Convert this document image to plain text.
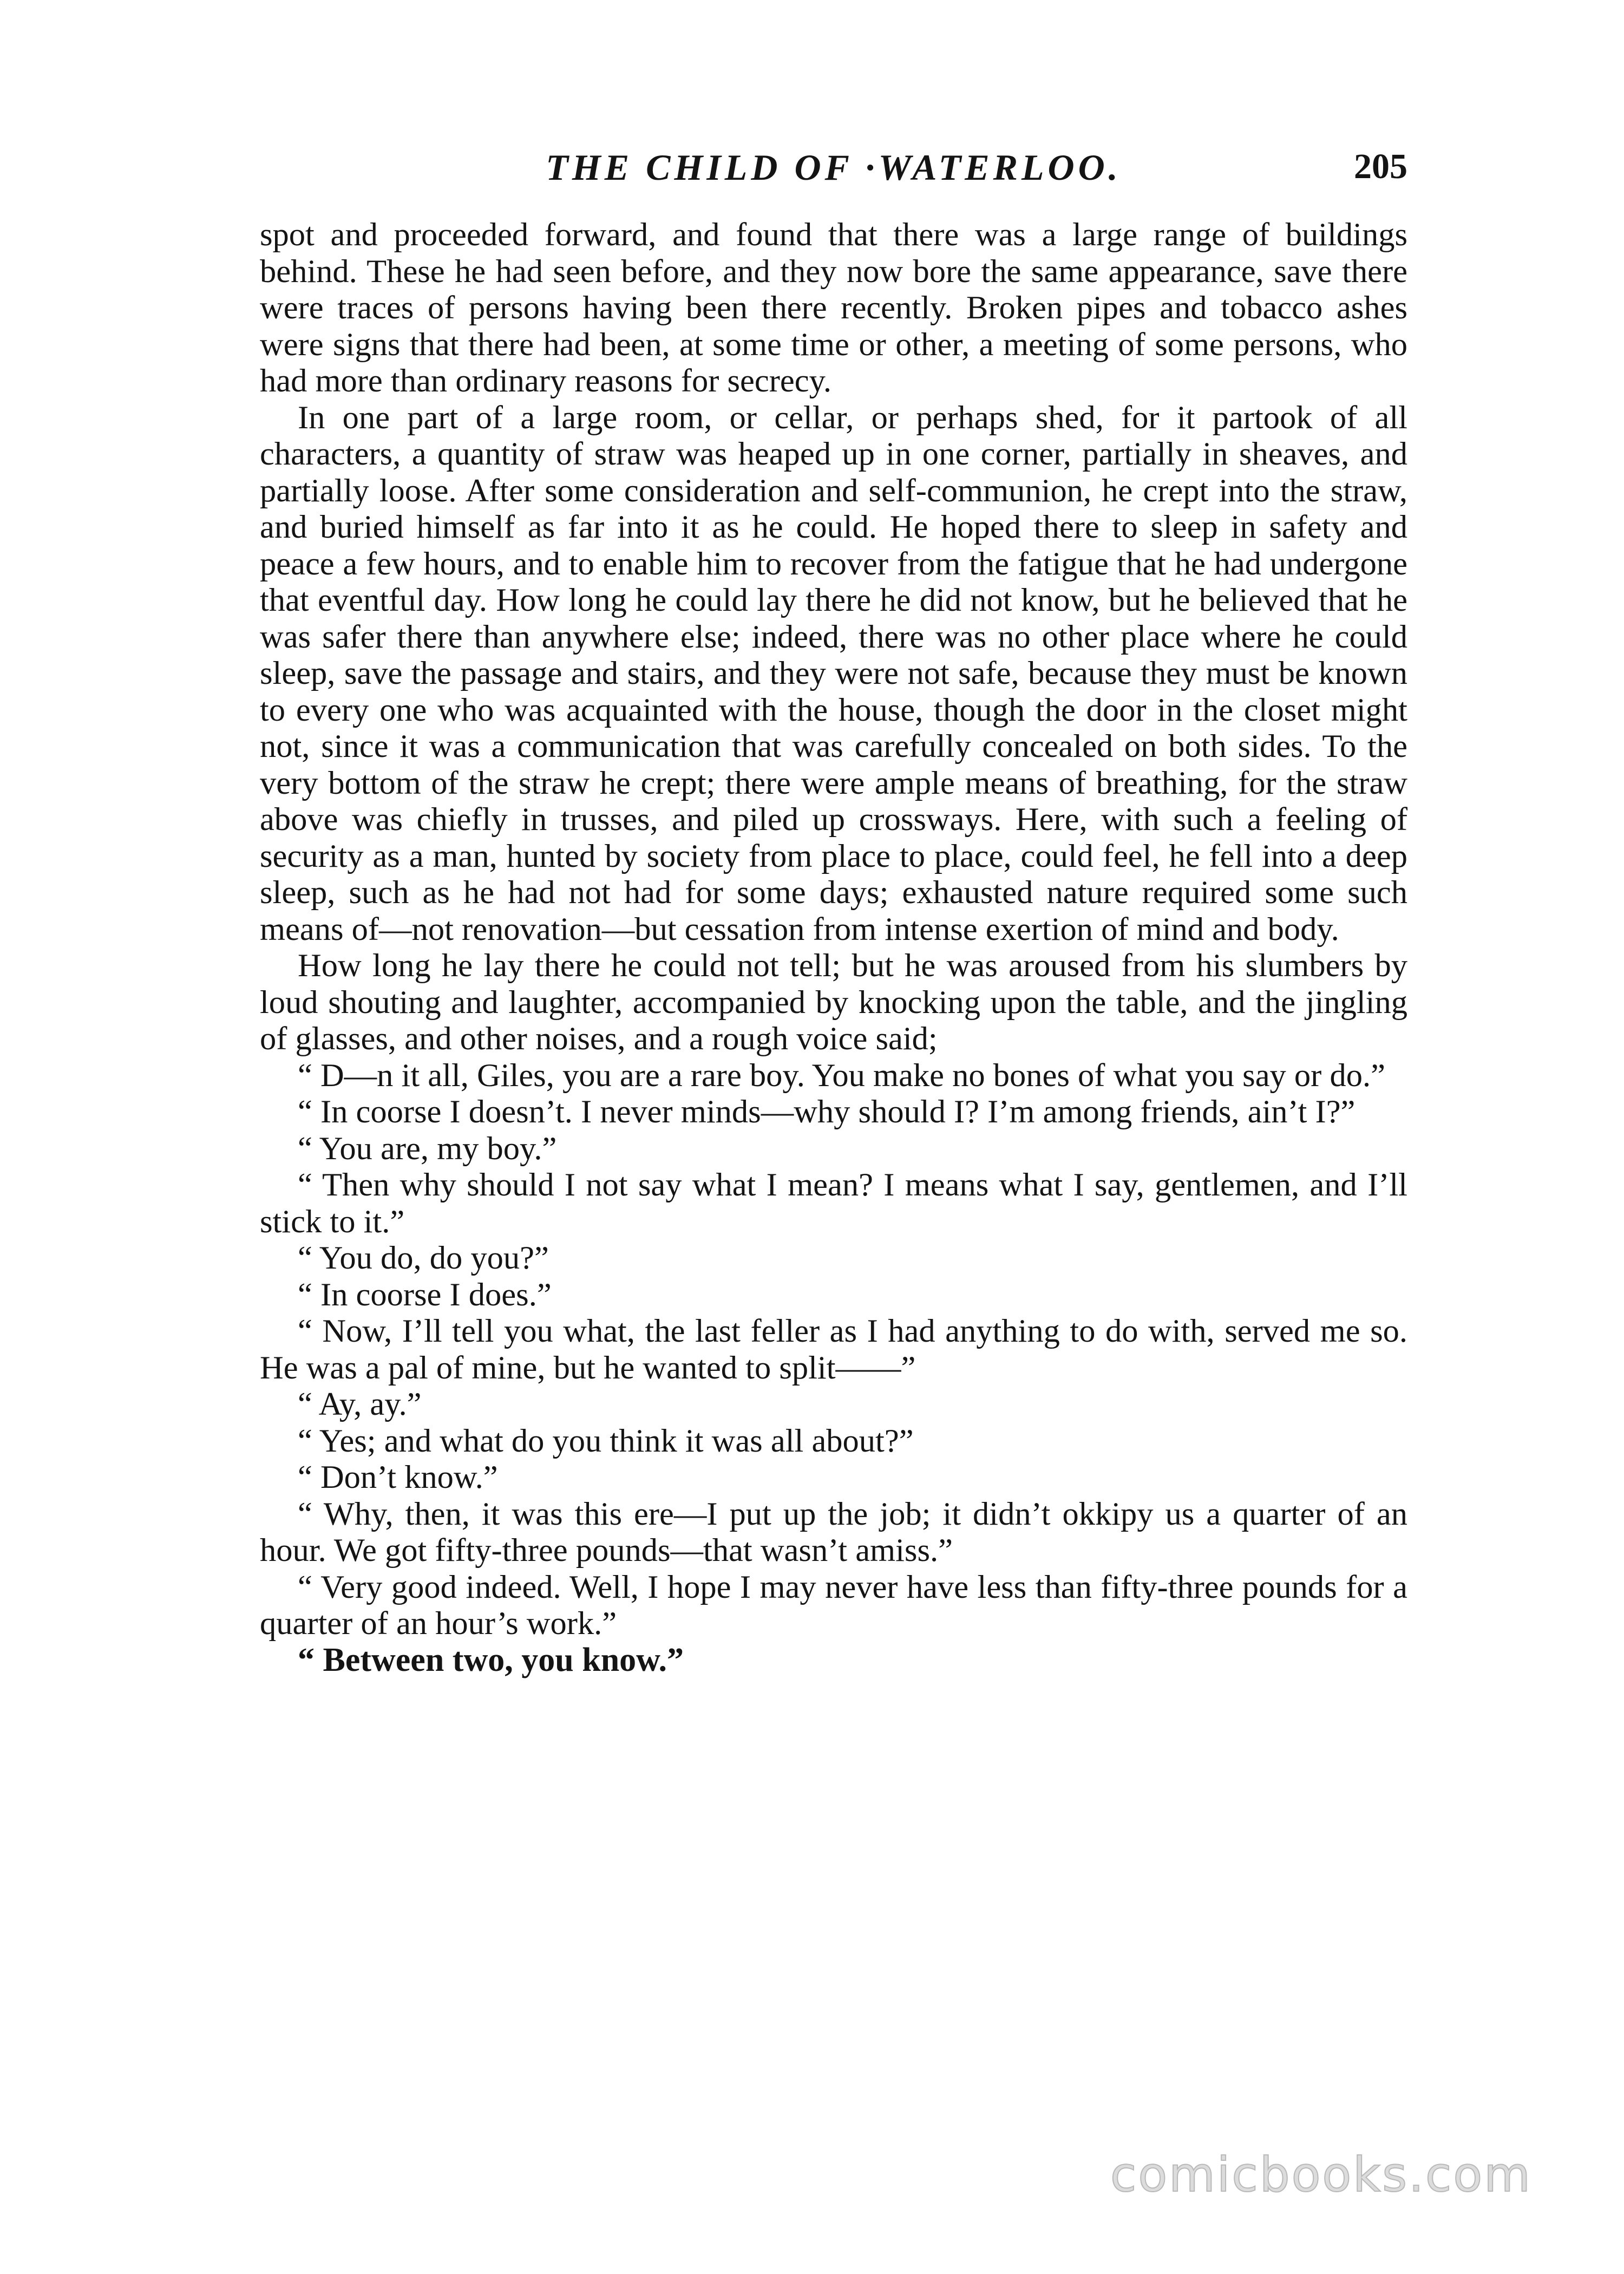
THE CHILD OF ·WATERLOO.	205

spot and proceeded forward, and found that there was a large range of buildings behind. These he had seen before, and they now bore the same appearance, save there were traces of persons having been there recently. Broken pipes and tobacco ashes were signs that there had been, at some time or other, a meeting of some persons, who had more than ordinary reasons for secrecy.

In one part of a large room, or cellar, or perhaps shed, for it partook of all characters, a quantity of straw was heaped up in one corner, partially in sheaves, and partially loose. After some consideration and self-communion, he crept into the straw, and buried himself as far into it as he could. He hoped there to sleep in safety and peace a few hours, and to enable him to recover from the fatigue that he had undergone that eventful day. How long he could lay there he did not know, but he believed that he was safer there than anywhere else; indeed, there was no other place where he could sleep, save the passage and stairs, and they were not safe, because they must be known to every one who was acquainted with the house, though the door in the closet might not, since it was a communication that was carefully concealed on both sides. To the very bottom of the straw he crept; there were ample means of breathing, for the straw above was chiefly in trusses, and piled up crossways. Here, with such a feeling of security as a man, hunted by society from place to place, could feel, he fell into a deep sleep, such as he had not had for some days; exhausted nature required some such means of—not renovation—but cessation from intense exertion of mind and body.

How long he lay there he could not tell; but he was aroused from his slumbers by loud shouting and laughter, accompanied by knocking upon the table, and the jingling of glasses, and other noises, and a rough voice said;

“ D—n it all, Giles, you are a rare boy. You make no bones of what you say or do.”

“ In coorse I doesn’t. I never minds—why should I? I’m among friends, ain’t I?”

“ You are, my boy.”

“ Then why should I not say what I mean? I means what I say, gentlemen, and I’ll stick to it.”

“ You do, do you?”

“ In coorse I does.”

“ Now, I’ll tell you what, the last feller as I had anything to do with, served me so. He was a pal of mine, but he wanted to split——”

“ Ay, ay.”

“ Yes; and what do you think it was all about?”

“ Don’t know.”

“ Why, then, it was this ere—I put up the job; it didn’t okkipy us a quarter of an hour. We got fifty-three pounds—that wasn’t amiss.”

“ Very good indeed. Well, I hope I may never have less than fifty-three pounds for a quarter of an hour’s work.”

“ Between two, you know.”

comicbooks.com
